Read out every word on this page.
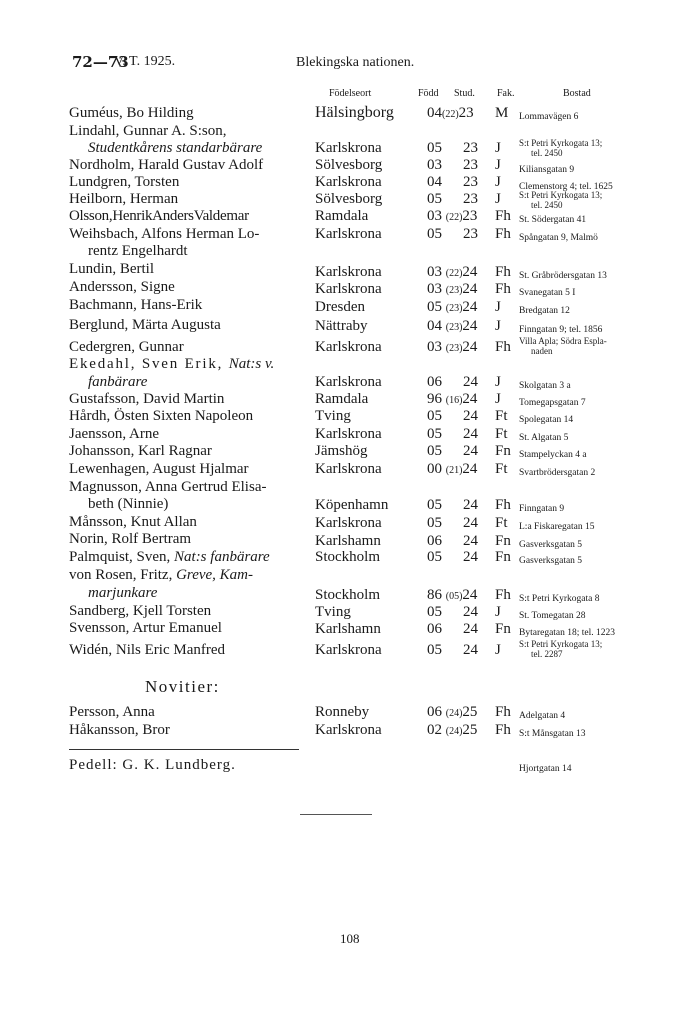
72—73
V. T. 1925.	Blekingska nationen.
Födelseort	Född Stud. Fak.	Bostad
Guméus, Bo Hilding	Hälsingborg 04(22)23 M Lommavägen 6
Lindahl, Gunnar A. S:son,
Studentkårens standarbärare	Karlskrona	05 23 J S:t Petri Kyrkogata 13;
tel. 2450
Nordholm, Harald Gustav Adolf	Sölvesborg	03 23 J Kiliansgatan 9
Lundgren, Torsten	Karlskrona	04 23 J Clemenstorg 4; tel. 1625
Heilborn, Herman	Sölvesborg	05 23 J S:t Petri Kyrkogata 13;
tel. 2450
Olsson,HenrikAndersValdemar	Ramdala	03 (22)23 Fh St. Södergatan 41
Weihsbach, Alfons Herman Lo-
rentz Engelhardt
Karlskrona	05 23 Fh Spångatan 9, Malmö
Lundin, Bertil	Karlskrona	03 (22)24 Fh St. Gråbrödersgatan 13
Andersson, Signe	Karlskrona	03 (23)24 Fh Svanegatan 5 I
Bachmann, Hans-Erik	Dresden	05 (23)24 J Bredgatan 12
Berglund, Märta Augusta	Nättraby	04 (23)24 J Finngatan 9; tel. 1856
Cedergren, Gunnar	Karlskrona	03 (23)24 Fh Villa Apla; Södra Espla-
naden
Ekedahl, Sven Erik, Nat:s v.
fanbärare	Karlskrona	06 24 J Skolgatan 3 a
Gustafsson, David Martin	Ramdala	96 (16)24 J Tomegapsgatan 7
Hårdh, Östen Sixten Napoleon	Tving	05 24 Ft Spolegatan 14
Jaensson, Arne	Karlskrona	05 24 Ft St. Algatan 5
Johansson, Karl Ragnar	Jämshög	05 24 Fn Stampelyckan 4 a
Lewenhagen, August Hjalmar	Karlskrona	00 (21)24 Ft Svartbrödersgatan 2
Magnusson, Anna Gertrud Elisa-
beth (Ninnie)	Köpenhamn	05 24 Fh Finngatan 9
Månsson, Knut Allan	Karlskrona	05 24 Ft L:a Fiskaregatan 15
Norin, Rolf Bertram	Karlshamn	06 24 Fn Gasverksgatan 5
Palmquist, Sven, Nat:s fanbärare	Stockholm	05 24 Fn Gasverksgatan 5
von Rosen, Fritz, Greve, Kam-
marjunkare	Stockholm	86 (05)24 Fh S:t Petri Kyrkogata 8
Sandberg, Kjell Torsten	Tving	05 24 J St. Tomegatan 28
Svensson, Artur Emanuel	Karlshamn	06 24 Fn Bytaregatan 18; tel. 1223
Widén, Nils Eric Manfred	Karlskrona	05 24 J S:t Petri Kyrkogata 13;
tel. 2287
Novitier:
Persson, Anna	Ronneby	06 (24)25 Fh Adelgatan 4
Håkansson, Bror	Karlskrona	02 (24)25 Fh S:t Månsgatan 13
Pedell: G. K. Lundberg.	Hjortgatan 14
108
